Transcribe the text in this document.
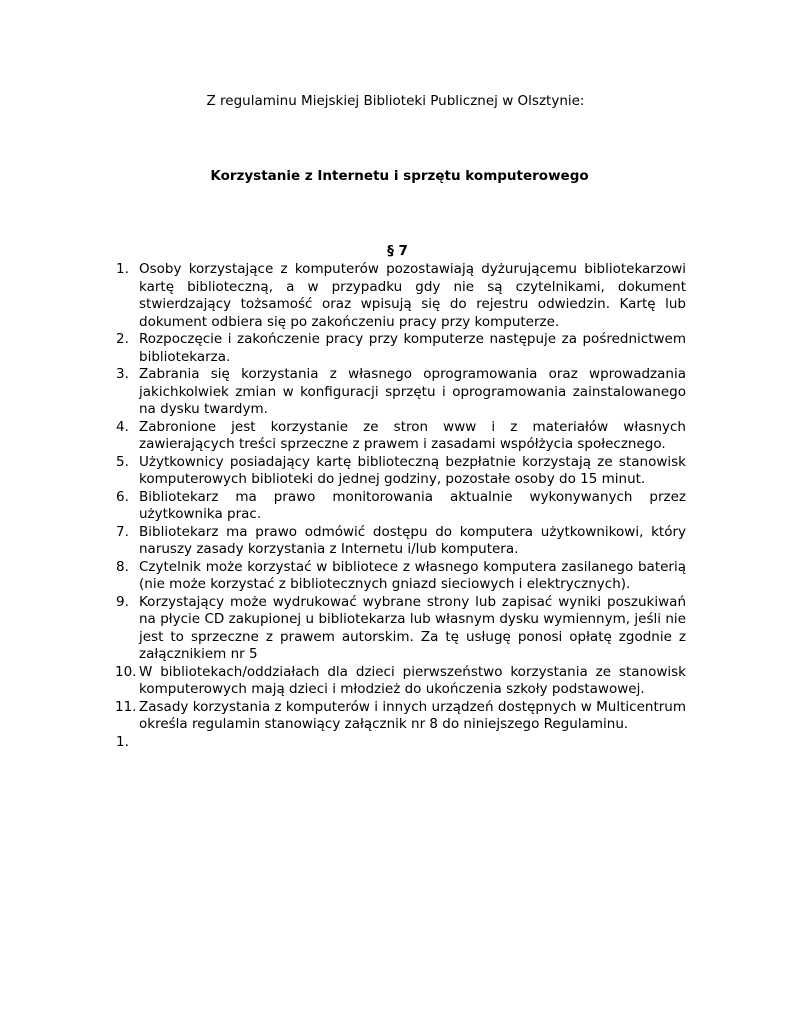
Z regulaminu Miejskiej Biblioteki Publicznej w Olsztynie:
Korzystanie z Internetu i sprzętu komputerowego
§ 7
1. Osoby korzystające z komputerów pozostawiają dyżurującemu bibliotekarzowi kartę biblioteczną, a w przypadku gdy nie są czytelnikami, dokument stwierdzający tożsamość oraz wpisują się do rejestru odwiedzin. Kartę lub dokument odbiera się po zakończeniu pracy przy komputerze.
2. Rozpoczęcie i zakończenie pracy przy komputerze następuje za pośrednictwem bibliotekarza.
3. Zabrania się korzystania z własnego oprogramowania oraz wprowadzania jakichkolwiek zmian w konfiguracji sprzętu i oprogramowania zainstalowanego na dysku twardym.
4. Zabronione jest korzystanie ze stron www i z materiałów własnych zawierających treści sprzeczne z prawem i zasadami współżycia społecznego.
5. Użytkownicy posiadający kartę biblioteczną bezpłatnie korzystają ze stanowisk komputerowych biblioteki do jednej godziny, pozostałe osoby do 15 minut.
6. Bibliotekarz ma prawo monitorowania aktualnie wykonywanych przez użytkownika prac.
7. Bibliotekarz ma prawo odmówić dostępu do komputera użytkownikowi, który naruszy zasady korzystania z Internetu i/lub komputera.
8. Czytelnik może korzystać w bibliotece z własnego komputera zasilanego baterią (nie może korzystać z bibliotecznych gniazd sieciowych i elektrycznych).
9. Korzystający może wydrukować wybrane strony lub zapisać wyniki poszukiwań na płycie CD zakupionej u bibliotekarza lub własnym dysku wymiennym, jeśli nie jest to sprzeczne z prawem autorskim. Za tę usługę ponosi opłatę zgodnie z załącznikiem nr 5
10. W bibliotekach/oddziałach dla dzieci pierwszeństwo korzystania ze stanowisk komputerowych mają dzieci i młodzież do ukończenia szkoły podstawowej.
11. Zasady korzystania z komputerów i innych urządzeń dostępnych w Multicentrum określa regulamin stanowiący załącznik nr 8 do niniejszego Regulaminu.
1.
